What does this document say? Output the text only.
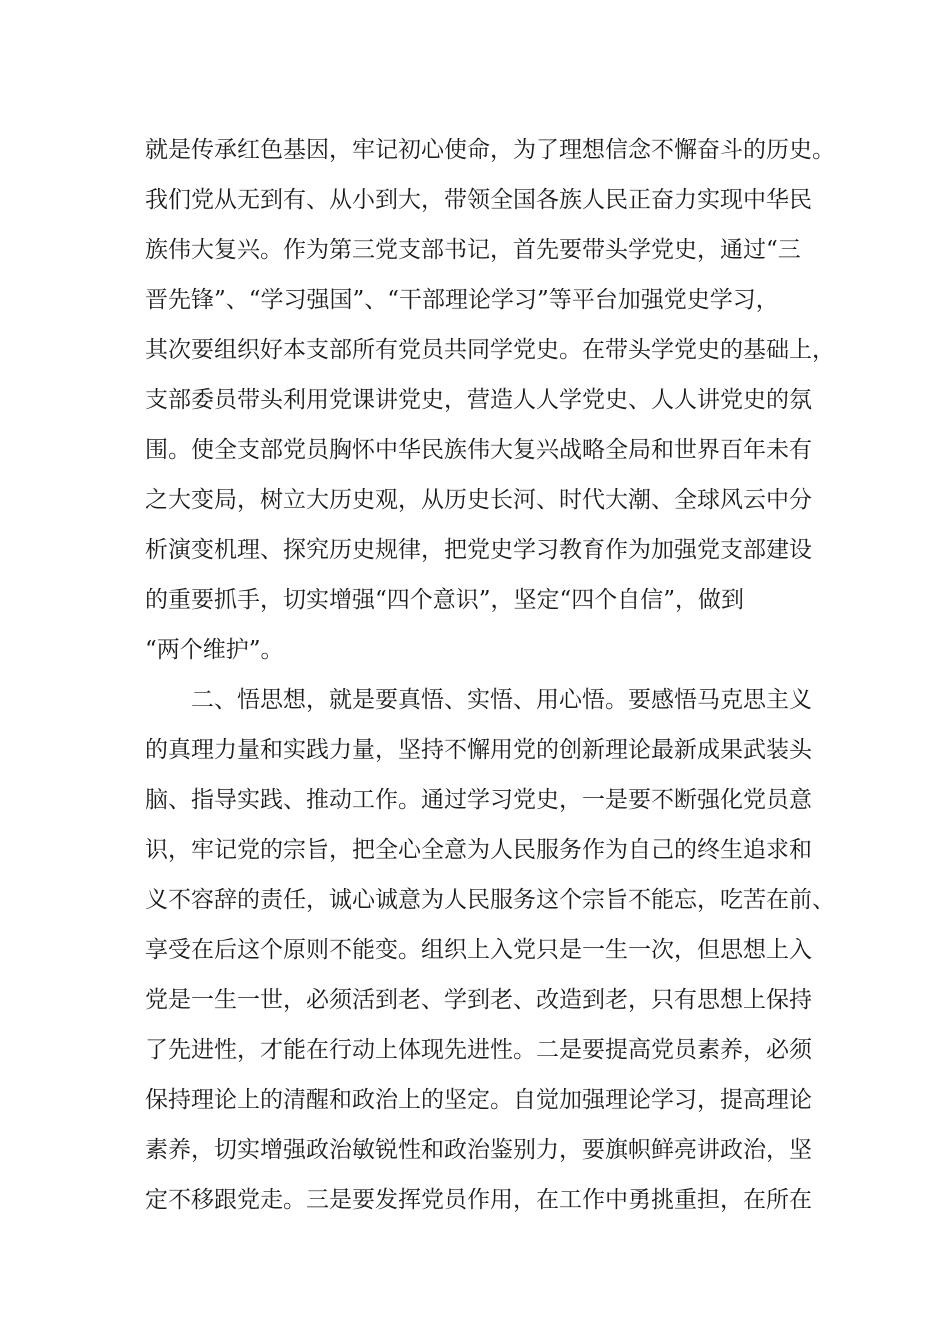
就是传承红色基因，牢记初心使命，为了理想信念不懈奋斗的历史。
我们党从无到有、从小到大，带领全国各族人民正奋力实现中华民
族伟大复兴。作为第三党支部书记，首先要带头学党史，通过“三
晋先锋”、“学习强国”、“干部理论学习”等平台加强党史学习，
其次要组织好本支部所有党员共同学党史。在带头学党史的基础上，
支部委员带头利用党课讲党史，营造人人学党史、人人讲党史的氛
围。使全支部党员胸怀中华民族伟大复兴战略全局和世界百年未有
之大变局，树立大历史观，从历史长河、时代大潮、全球风云中分
析演变机理、探究历史规律，把党史学习教育作为加强党支部建设
的重要抓手，切实增强“四个意识”，坚定“四个自信”，做到
“两个维护”。
二、悟思想，就是要真悟、实悟、用心悟。要感悟马克思主义
的真理力量和实践力量，坚持不懈用党的创新理论最新成果武装头
脑、指导实践、推动工作。通过学习党史，一是要不断强化党员意
识，牢记党的宗旨，把全心全意为人民服务作为自己的终生追求和
义不容辞的责任，诚心诚意为人民服务这个宗旨不能忘，吃苦在前、
享受在后这个原则不能变。组织上入党只是一生一次，但思想上入
党是一生一世，必须活到老、学到老、改造到老，只有思想上保持
了先进性，才能在行动上体现先进性。二是要提高党员素养，必须
保持理论上的清醒和政治上的坚定。自觉加强理论学习，提高理论
素养，切实增强政治敏锐性和政治鉴别力，要旗帜鲜亮讲政治，坚
定不移跟党走。三是要发挥党员作用，在工作中勇挑重担，在所在
